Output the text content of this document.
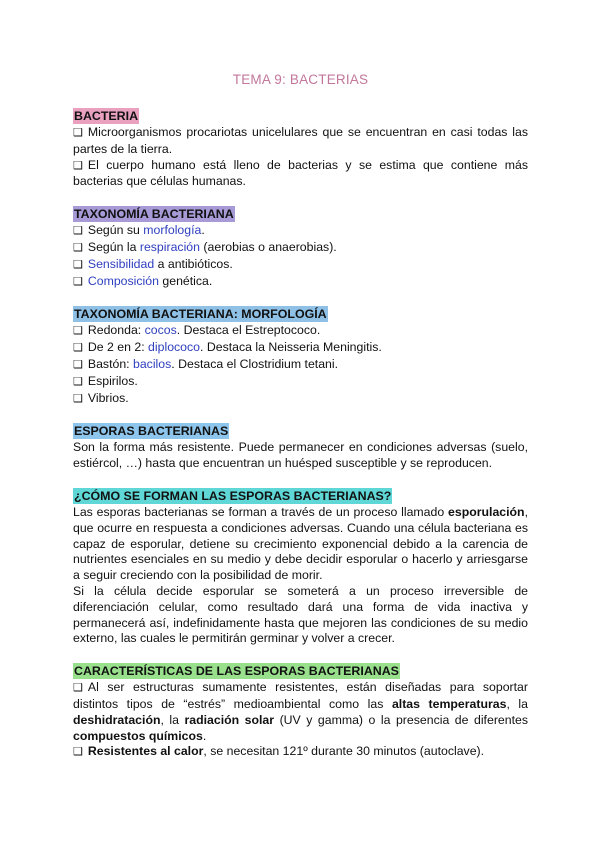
TEMA 9: BACTERIAS
BACTERIA
❑ Microorganismos procariotas unicelulares que se encuentran en casi todas las partes de la tierra.
❑ El cuerpo humano está lleno de bacterias y se estima que contiene más bacterias que células humanas.
TAXONOMÍA BACTERIANA
❑ Según su morfología.
❑ Según la respiración (aerobias o anaerobias).
❑ Sensibilidad a antibióticos.
❑ Composición genética.
TAXONOMÍA BACTERIANA: MORFOLOGÍA
❑ Redonda: cocos. Destaca el Estreptococo.
❑ De 2 en 2: diplococo. Destaca la Neisseria Meningitis.
❑ Bastón: bacilos. Destaca el Clostridium tetani.
❑ Espirilos.
❑ Vibrios.
ESPORAS BACTERIANAS

Son la forma más resistente. Puede permanecer en condiciones adversas (suelo, estiércol, …) hasta que encuentran un huésped susceptible y se reproducen.

¿CÓMO SE FORMAN LAS ESPORAS BACTERIANAS?

Las esporas bacterianas se forman a través de un proceso llamado esporulación, que ocurre en respuesta a condiciones adversas. Cuando una célula bacteriana es capaz de esporular, detiene su crecimiento exponencial debido a la carencia de nutrientes esenciales en su medio y debe decidir esporular o hacerlo y arriesgarse a seguir creciendo con la posibilidad de morir.

Si la célula decide esporular se someterá a un proceso irreversible de diferenciación celular, como resultado dará una forma de vida inactiva y permanecerá así, indefinidamente hasta que mejoren las condiciones de su medio externo, las cuales le permitirán germinar y volver a crecer.

CARACTERÍSTICAS DE LAS ESPORAS BACTERIANAS
❑ Al ser estructuras sumamente resistentes, están diseñadas para soportar distintos tipos de “estrés” medioambiental como las altas temperaturas, la deshidratación, la radiación solar (UV y gamma) o la presencia de diferentes compuestos químicos.
❑ Resistentes al calor, se necesitan 121º durante 30 minutos (autoclave).
